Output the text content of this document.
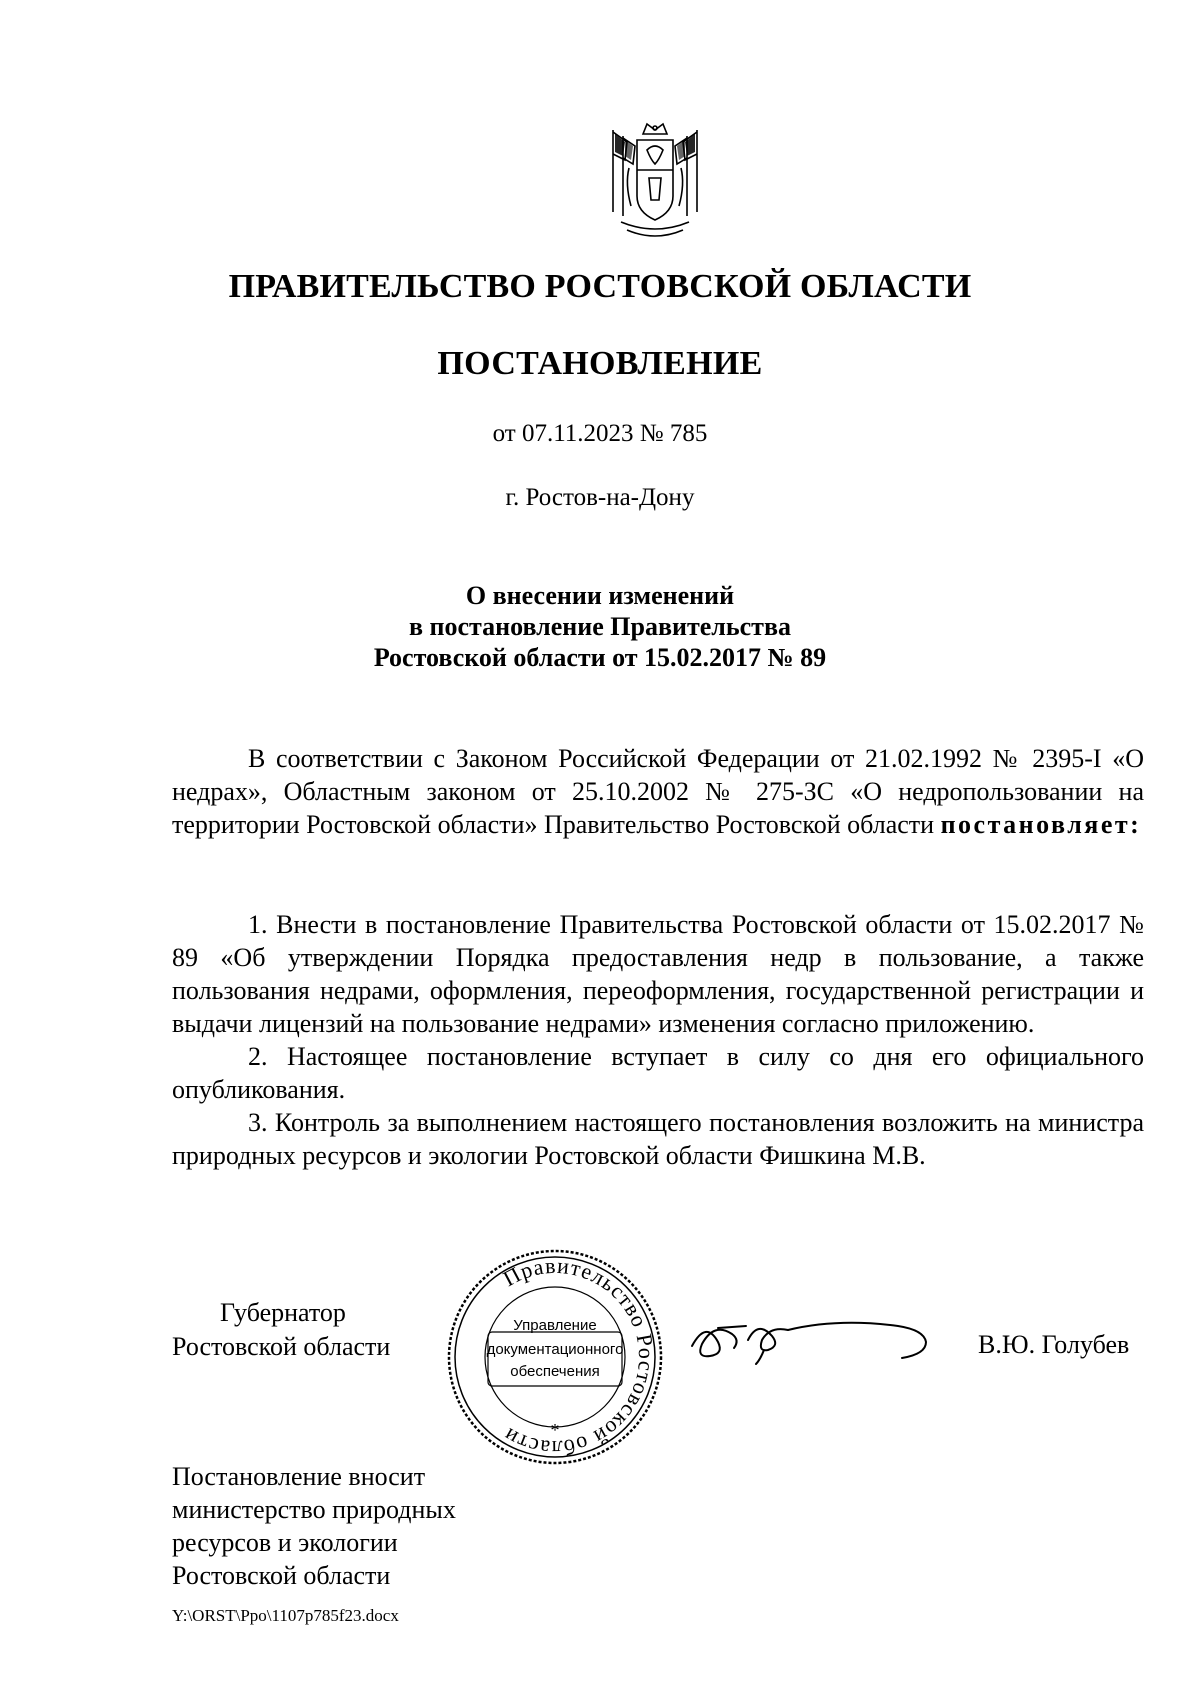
ПРАВИТЕЛЬСТВО РОСТОВСКОЙ ОБЛАСТИ
ПОСТАНОВЛЕНИЕ
от 07.11.2023 № 785
г. Ростов-на-Дону
О внесении изменений
в постановление Правительства
Ростовской области от 15.02.2017 № 89

В соответствии с Законом Российской Федерации от 21.02.1992 № 2395-I «О недрах», Областным законом от 25.10.2002 № 275-ЗС «О недропользовании на территории Ростовской области» Правительство Ростовской области постановляет:

1. Внести в постановление Правительства Ростовской области от 15.02.2017 № 89 «Об утверждении Порядка предоставления недр в пользование, а также пользования недрами, оформления, переоформления, государственной регистрации и выдачи лицензий на пользование недрами» изменения согласно приложению.

2. Настоящее постановление вступает в силу со дня его официального опубликования.

3. Контроль за выполнением настоящего постановления возложить на министра природных ресурсов и экологии Ростовской области Фишкина М.В.

Губернатор
Ростовской области
Правительство Ростовской области	*
Управление
документационного
обеспечения
В.Ю. Голубев
Постановление вносит
министерство природных
ресурсов и экологии
Ростовской области
Y:\ORST\Ppo\1107p785f23.docx
